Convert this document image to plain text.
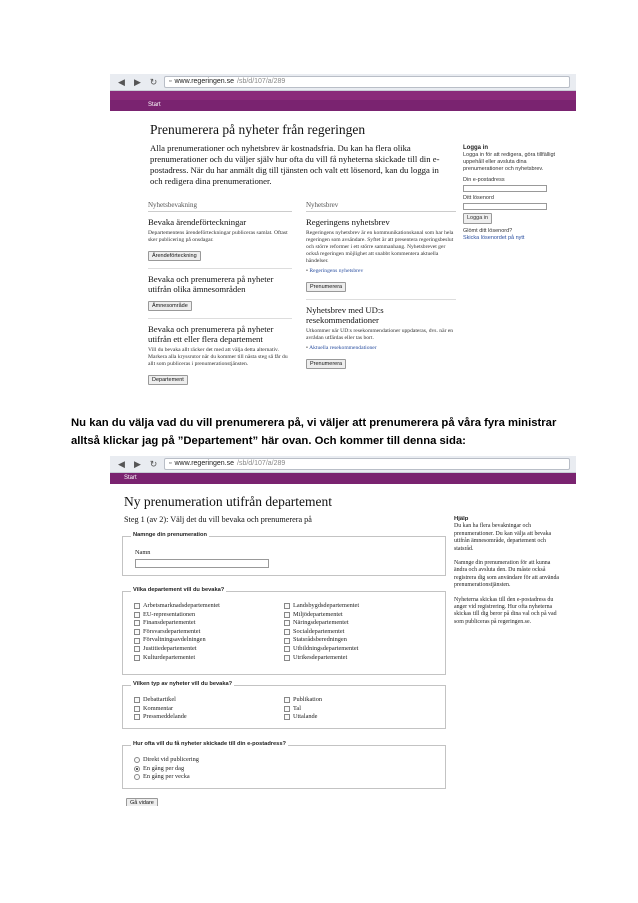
◀ ▶ ↻ ▫ www.regeringen.se /sb/d/107/a/289
Start
Prenumerera på nyheter från regeringen
Alla prenumerationer och nyhetsbrev är kostnadsfria. Du kan ha flera olika prenumerationer och du väljer själv hur ofta du vill få nyheterna skickade till din e-postadress. När du har anmält dig till tjänsten och valt ett lösenord, kan du logga in och redigera dina prenumerationer.
Nyhetsbevakning
Bevaka ärendeförteckningar
Departementens ärendeförteckningar publiceras samlat. Oftast sker publicering på onsdagar.
Ärendeförteckning
Bevaka och prenumerera på nyheter utifrån olika ämnesområden
Ämnesområde
Bevaka och prenumerera på nyheter utifrån ett eller flera departement
Vill du bevaka allt räcker det med att välja detta alternativ. Markera alla kryssrutor när du kommer till nästa steg så får du allt som publiceras i prenumerationstjänsten.
Departement
Nyhetsbrev
Regeringens nyhetsbrev
Regeringens nyhetsbrev är en kommunikationskanal som har hela regeringen som avsändare. Syftet är att presentera regeringsbeslut och större reformer i ett större sammanhang. Nyhetsbrevet ger också regeringen möjlighet att snabbt kommentera aktuella händelser.
• Regeringens nyhetsbrev
Prenumerera
Nyhetsbrev med UD:s resekommendationer
Utkommer när UD:s resekommendationer uppdateras, dvs. när en avrådan utfärdas eller tas bort.
• Aktuella resekommendationer
Prenumerera
Logga in
Logga in för att redigera, göra tillfälligt uppehåll eller avsluta dina prenumerationer och nyhetsbrev.
Din e-postadress
Ditt lösenord
Logga in
Glömt ditt lösenord?
Skicka lösenordet på nytt
Nu kan du välja vad du vill prenumerera på, vi väljer att prenumerera på våra fyra ministrar alltså klickar jag på ”Departement” här ovan. Och kommer till denna sida:
◀ ▶ ↻ ▫ www.regeringen.se /sb/d/107/a/289
Start
Ny prenumeration utifrån departement
Steg 1 (av 2): Välj det du vill bevaka och prenumerera på
Namnge din prenumeration
Namn
Vilka departement vill du bevaka?
Arbetsmarknadsdepartementet
EU-representationen
Finansdepartementet
Försvarsdepartementet
Förvaltningsavdelningen
Justitiedepartementet
Kulturdepartementet
Landsbygdsdepartementet
Miljödepartementet
Näringsdepartementet
Socialdepartementet
Statsrådsberedningen
Utbildningsdepartementet
Utrikesdepartementet
Vilken typ av nyheter vill du bevaka?
Debattartikel
Kommentar
Pressmeddelande
Publikation
Tal
Uttalande
Hur ofta vill du få nyheter skickade till din e-postadress?
Direkt vid publicering
En gång per dag
En gång per vecka
Gå vidare
Hjälp
Du kan ha flera bevakningar och prenumerationer. Du kan välja att bevaka utifrån ämnesområde, departement och statsråd.
Namnge din prenumeration för att kunna ändra och avsluta den. Du måste också registrera dig som användare för att använda prenumerationstjänsten.
Nyheterna skickas till den e-postadress du anger vid registrering. Hur ofta nyheterna skickas till dig beror på dina val och på vad som publiceras på regeringen.se.
